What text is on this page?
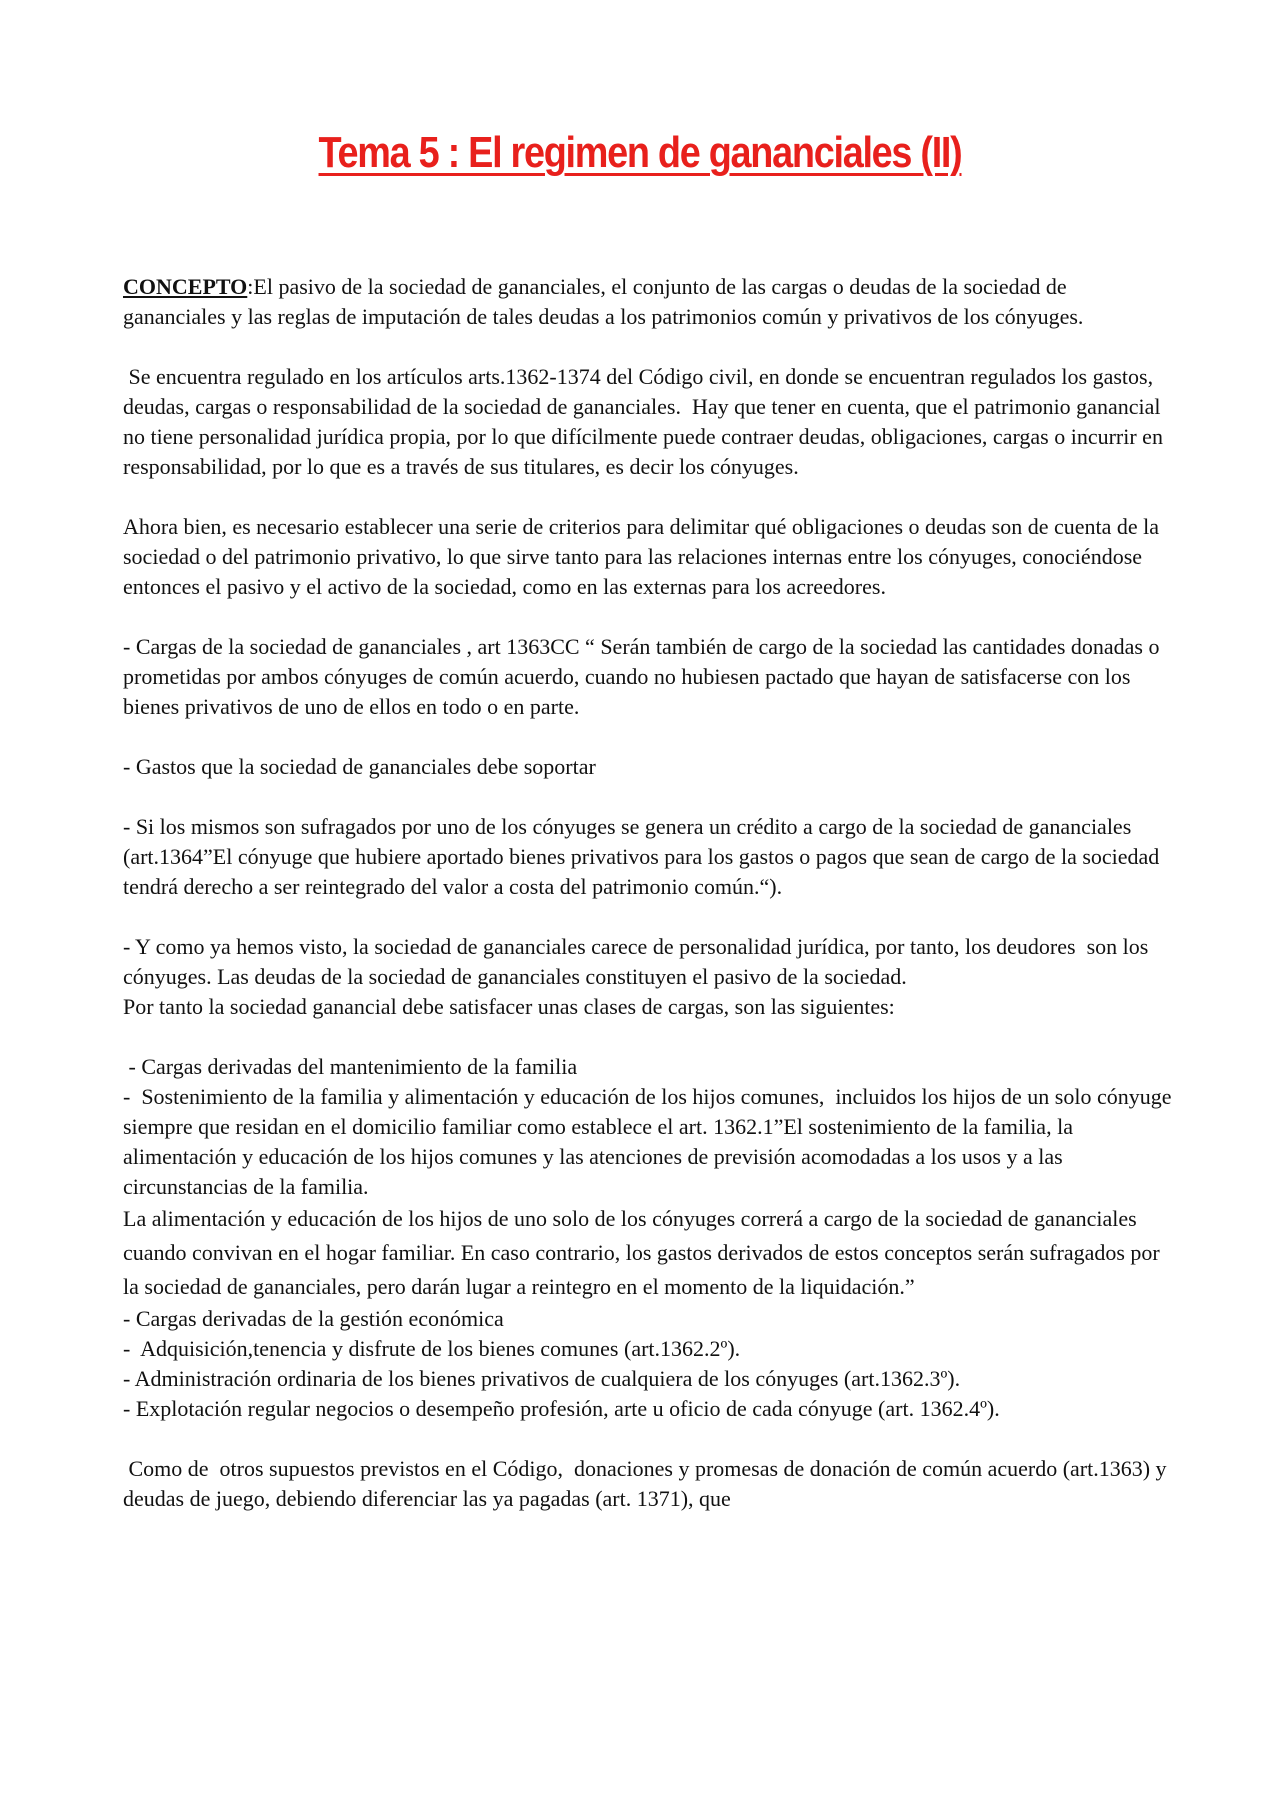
Tema 5 : El regimen de gananciales (II)

CONCEPTO:El pasivo de la sociedad de gananciales, el conjunto de las cargas o deudas de la sociedad de gananciales y las reglas de imputación de tales deudas a los patrimonios común y privativos de los cónyuges.

Se encuentra regulado en los artículos arts.1362-1374 del Código civil, en donde se encuentran regulados los gastos, deudas, cargas o responsabilidad de la sociedad de gananciales.  Hay que tener en cuenta, que el patrimonio ganancial no tiene personalidad jurídica propia, por lo que difícilmente puede contraer deudas, obligaciones, cargas o incurrir en responsabilidad, por lo que es a través de sus titulares, es decir los cónyuges.

Ahora bien, es necesario establecer una serie de criterios para delimitar qué obligaciones o deudas son de cuenta de la sociedad o del patrimonio privativo, lo que sirve tanto para las relaciones internas entre los cónyuges, conociéndose entonces el pasivo y el activo de la sociedad, como en las externas para los acreedores.

- Cargas de la sociedad de gananciales , art 1363CC “ Serán también de cargo de la sociedad las cantidades donadas o prometidas por ambos cónyuges de común acuerdo, cuando no hubiesen pactado que hayan de satisfacerse con los bienes privativos de uno de ellos en todo o en parte.

- Gastos que la sociedad de gananciales debe soportar

- Si los mismos son sufragados por uno de los cónyuges se genera un crédito a cargo de la sociedad de gananciales (art.1364”El cónyuge que hubiere aportado bienes privativos para los gastos o pagos que sean de cargo de la sociedad tendrá derecho a ser reintegrado del valor a costa del patrimonio común.“).

- Y como ya hemos visto, la sociedad de gananciales carece de personalidad jurídica, por tanto, los deudores  son los cónyuges. Las deudas de la sociedad de gananciales constituyen el pasivo de la sociedad.

Por tanto la sociedad ganancial debe satisfacer unas clases de cargas, son las siguientes:

- Cargas derivadas del mantenimiento de la familia

-  Sostenimiento de la familia y alimentación y educación de los hijos comunes,  incluidos los hijos de un solo cónyuge siempre que residan en el domicilio familiar como establece el art. 1362.1”El sostenimiento de la familia, la alimentación y educación de los hijos comunes y las atenciones de previsión acomodadas a los usos y a las circunstancias de la familia.

La alimentación y educación de los hijos de uno solo de los cónyuges correrá a cargo de la sociedad de gananciales cuando convivan en el hogar familiar. En caso contrario, los gastos derivados de estos conceptos serán sufragados por la sociedad de gananciales, pero darán lugar a reintegro en el momento de la liquidación.”

- Cargas derivadas de la gestión económica

-  Adquisición,tenencia y disfrute de los bienes comunes (art.1362.2º).

- Administración ordinaria de los bienes privativos de cualquiera de los cónyuges (art.1362.3º).

- Explotación regular negocios o desempeño profesión, arte u oficio de cada cónyuge (art. 1362.4º).

Como de  otros supuestos previstos en el Código,  donaciones y promesas de donación de común acuerdo (art.1363) y deudas de juego, debiendo diferenciar las ya pagadas (art. 1371), que
